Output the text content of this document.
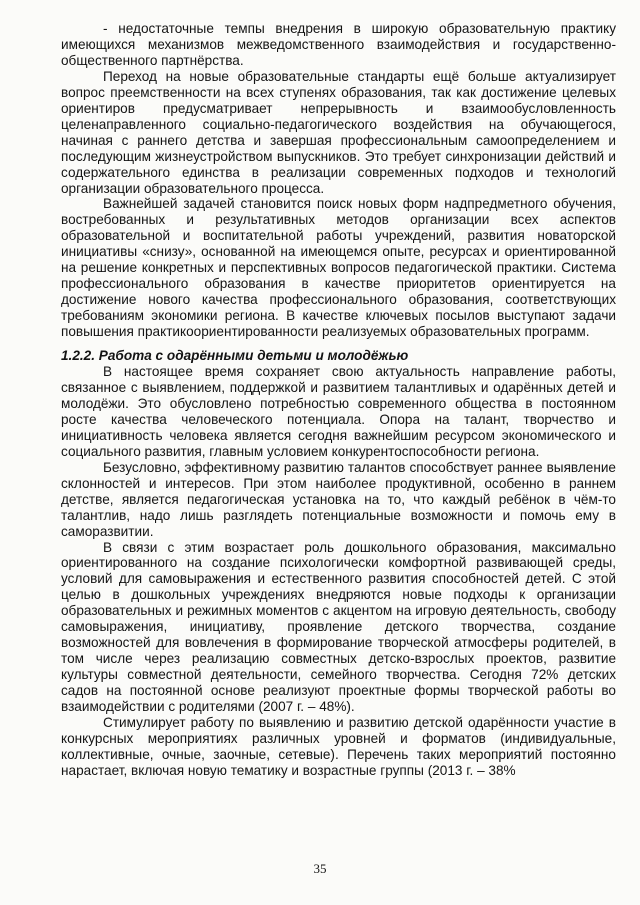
- недостаточные темпы внедрения в широкую образовательную практику имеющихся механизмов межведомственного взаимодействия и государственно-общественного партнёрства.

Переход на новые образовательные стандарты ещё больше актуализирует вопрос преемственности на всех ступенях образования, так как достижение целевых ориентиров предусматривает непрерывность и взаимообусловленность целенаправленного социально-педагогического воздействия на обучающегося, начиная с раннего детства и завершая профессиональным самоопределением и последующим жизнеустройством выпускников. Это требует синхронизации действий и содержательного единства в реализации современных подходов и технологий организации образовательного процесса.

Важнейшей задачей становится поиск новых форм надпредметного обучения, востребованных и результативных методов организации всех аспектов образовательной и воспитательной работы учреждений, развития новаторской инициативы «снизу», основанной на имеющемся опыте, ресурсах и ориентированной на решение конкретных и перспективных вопросов педагогической практики. Система профессионального образования в качестве приоритетов ориентируется на достижение нового качества профессионального образования, соответствующих требованиям экономики региона. В качестве ключевых посылов выступают задачи повышения практикоориентированности реализуемых образовательных программ.

1.2.2. Работа с одарёнными детьми и молодёжью

В настоящее время сохраняет свою актуальность направление работы, связанное с выявлением, поддержкой и развитием талантливых и одарённых детей и молодёжи. Это обусловлено потребностью современного общества в постоянном росте качества человеческого потенциала. Опора на талант, творчество и инициативность человека является сегодня важнейшим ресурсом экономического и социального развития, главным условием конкурентоспособности региона.

Безусловно, эффективному развитию талантов способствует раннее выявление склонностей и интересов. При этом наиболее продуктивной, особенно в раннем детстве, является педагогическая установка на то, что каждый ребёнок в чём-то талантлив, надо лишь разглядеть потенциальные возможности и помочь ему в саморазвитии.

В связи с этим возрастает роль дошкольного образования, максимально ориентированного на создание психологически комфортной развивающей среды, условий для самовыражения и естественного развития способностей детей. С этой целью в дошкольных учреждениях внедряются новые подходы к организации образовательных и режимных моментов с акцентом на игровую деятельность, свободу самовыражения, инициативу, проявление детского творчества, создание возможностей для вовлечения в формирование творческой атмосферы родителей, в том числе через реализацию совместных детско-взрослых проектов, развитие культуры совместной деятельности, семейного творчества. Сегодня 72% детских садов на постоянной основе реализуют проектные формы творческой работы во взаимодействии с родителями (2007 г. – 48%).

Стимулирует работу по выявлению и развитию детской одарённости участие в конкурсных мероприятиях различных уровней и форматов (индивидуальные, коллективные, очные, заочные, сетевые). Перечень таких мероприятий постоянно нарастает, включая новую тематику и возрастные группы (2013 г. – 38%

35
